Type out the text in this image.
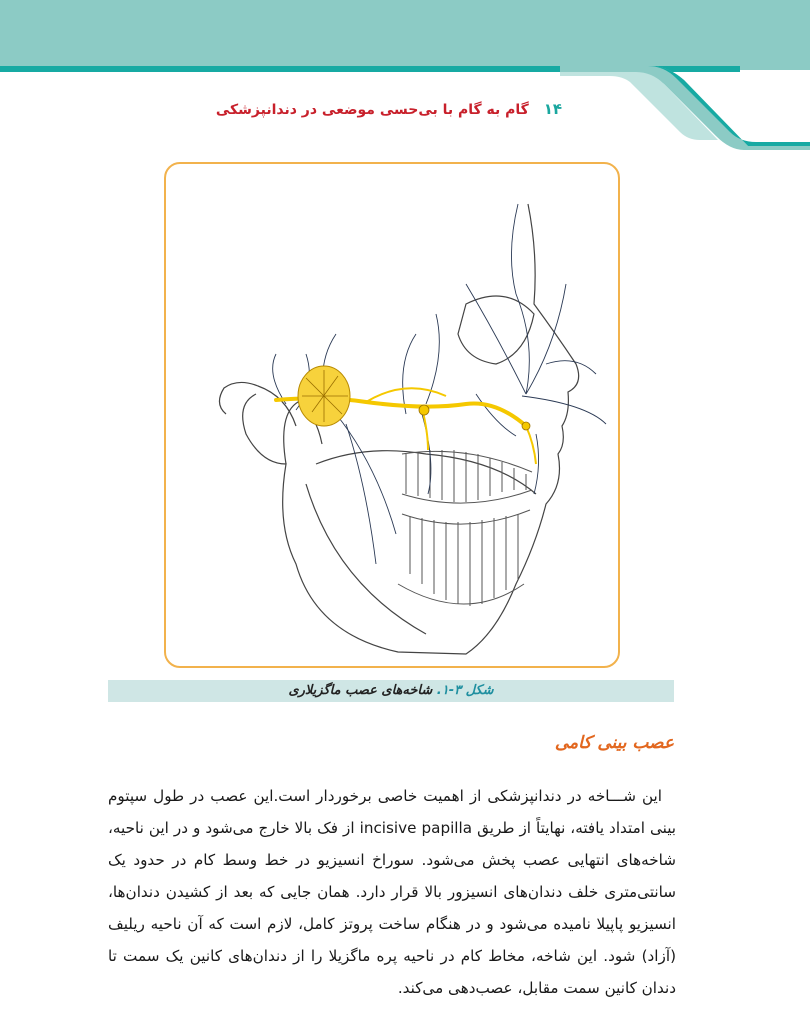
۱۴ گام به گام با بی‌حسی موضعی در دندانپزشکی
شکل ۳-۱. شاخه‌های عصب ماگزیلاری
عصب بینی کامی

این شـــاخه در دندانپزشکی از اهمیت خاصی برخوردار است.این عصب در طول سپتوم بینی امتداد یافته، نهایتاً از طریق incisive papilla از فک بالا خارج می‌شود و در این ناحیه، شاخه‌های انتهایی عصب پخش می‌شود. سوراخ انسیزیو در خط وسط کام در حدود یک سانتی‌متری خلف دندان‌های انسیزور بالا قرار دارد. همان جایی که بعد از کشیدن دندان‌ها، انسیزیو پاپیلا نامیده می‌شود و در هنگام ساخت پروتز کامل، لازم است که آن ناحیه ریلیف (آزاد) شود. این شاخه، مخاط کام در ناحیه پره ماگزیلا را از دندان‌های کانین یک سمت تا دندان کانین سمت مقابل، عصب‌دهی می‌کند.
